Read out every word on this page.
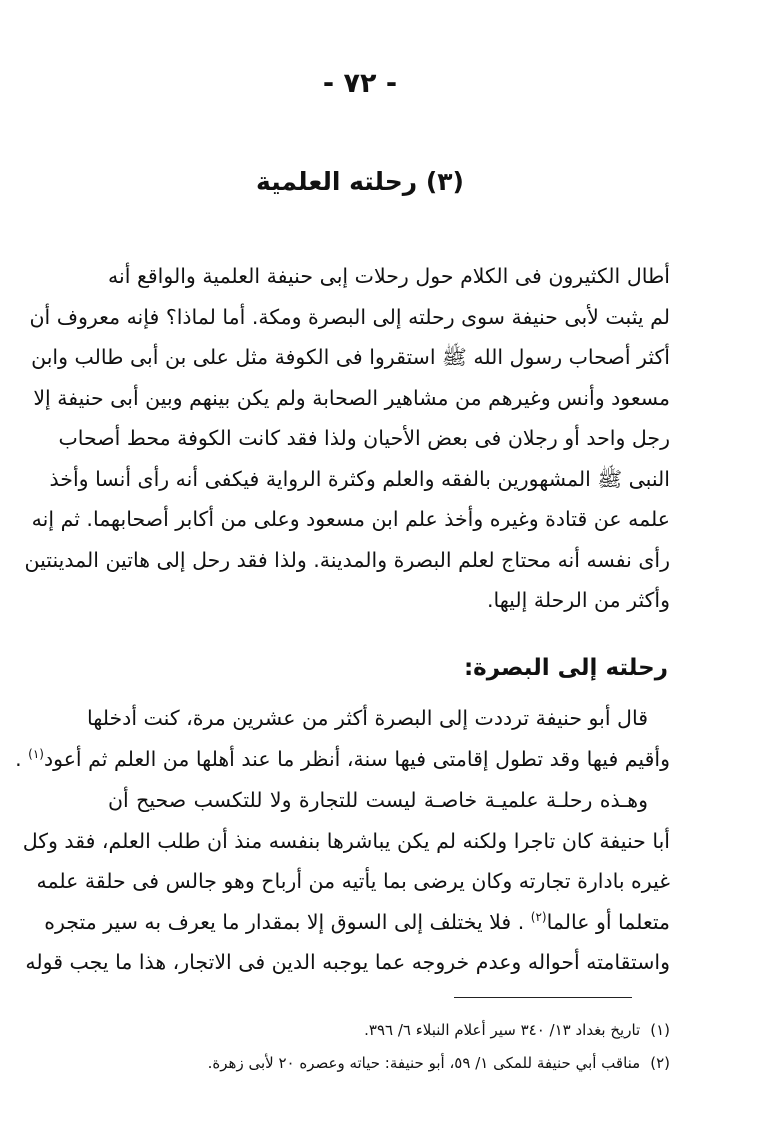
- ٧٢ -
(٣) رحلته العلمية
أطال الكثيرون فى الكلام حول رحلات إبى حنيفة العلمية والواقع أنه
لم يثبت لأبى حنيفة سوى رحلته إلى البصرة ومكة. أما لماذا؟ فإنه معروف أن
أكثر أصحاب رسول الله ﷺ استقروا فى الكوفة مثل على بن أبى طالب وابن
مسعود وأنس وغيرهم من مشاهير الصحابة ولم يكن بينهم وبين أبى حنيفة إلا
رجل واحد أو رجلان فى بعض الأحيان ولذا فقد كانت الكوفة محط أصحاب
النبى ﷺ المشهورين بالفقه والعلم وكثرة الرواية فيكفى أنه رأى أنسا وأخذ
علمه عن قتادة وغيره وأخذ علم ابن مسعود وعلى من أكابر أصحابهما. ثم إنه
رأى نفسه أنه محتاج لعلم البصرة والمدينة. ولذا فقد رحل إلى هاتين المدينتين
وأكثر من الرحلة إليها.
رحلته إلى البصرة:
قال أبو حنيفة ترددت إلى البصرة أكثر من عشرين مرة، كنت أدخلها
وأقيم فيها وقد تطول إقامتى فيها سنة، أنظر ما عند أهلها من العلم ثم أعود$^{(١)}$ .
وهـذه رحلـة علميـة خاصـة ليست للتجارة ولا للتكسب صحيح أن
أبا حنيفة كان تاجرا ولكنه لم يكن يباشرها بنفسه منذ أن طلب العلم، فقد وكل
غيره بادارة تجارته وكان يرضى بما يأتيه من أرباح وهو جالس فى حلقة علمه
متعلما أو عالما$^{(٢)}$ . فلا يختلف إلى السوق إلا بمقدار ما يعرف به سير متجره
واستقامته أحواله وعدم خروجه عما يوجبه الدين فى الاتجار، هذا ما يجب قوله
(١)تاريخ بغداد ١٣/ ٣٤٠ سير أعلام النبلاء ٦/ ٣٩٦.
(٢)مناقب أبي حنيفة للمكى ١/ ٥٩، أبو حنيفة: حياته وعصره ٢٠ لأبى زهرة.
